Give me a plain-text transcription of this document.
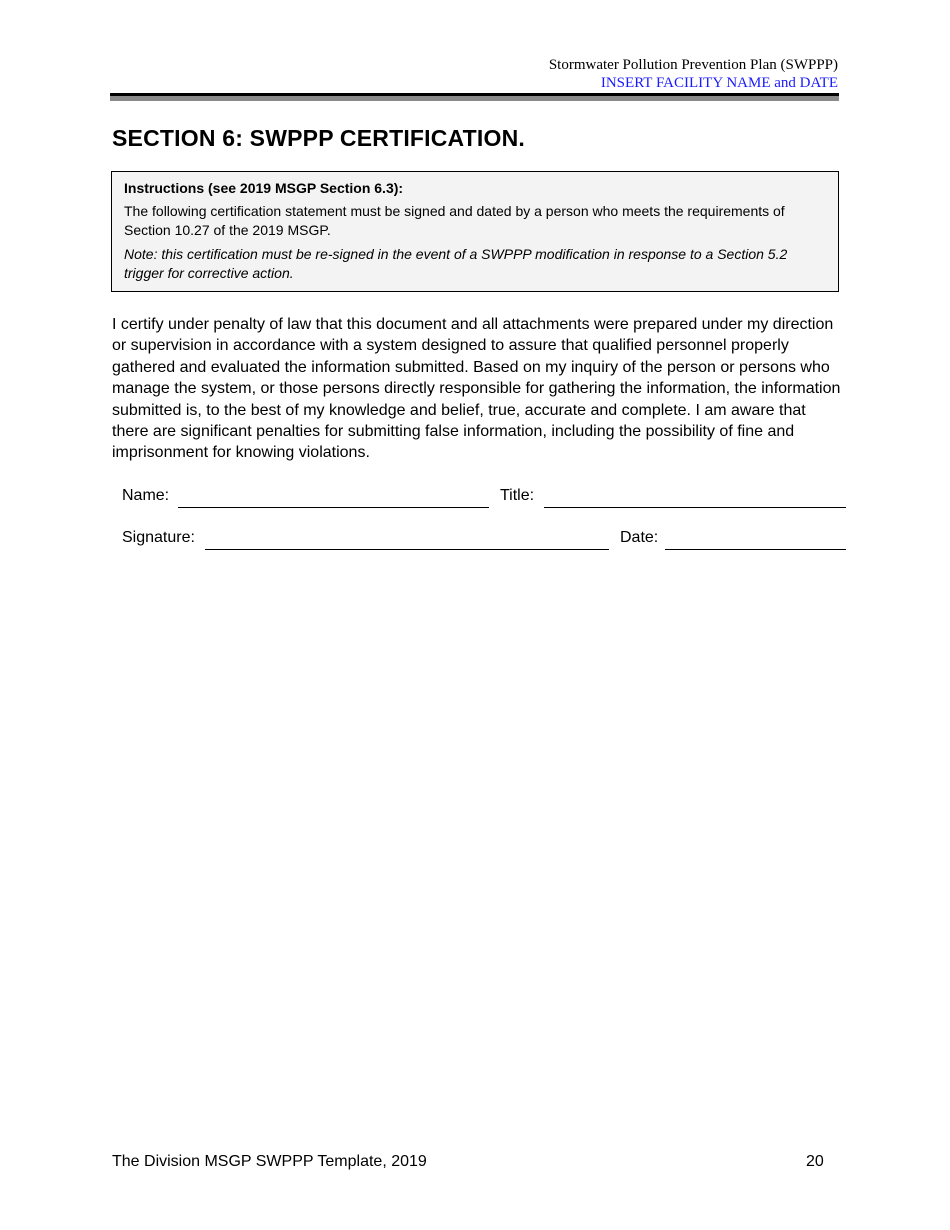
Stormwater Pollution Prevention Plan (SWPPP)
INSERT FACILITY NAME and DATE
SECTION 6: SWPPP CERTIFICATION.

Instructions (see 2019 MSGP Section 6.3):

The following certification statement must be signed and dated by a person who meets the requirements of Section 10.27 of the 2019 MSGP.

Note: this certification must be re-signed in the event of a SWPPP modification in response to a Section 5.2 trigger for corrective action.

I certify under penalty of law that this document and all attachments were prepared under my direction or supervision in accordance with a system designed to assure that qualified personnel properly gathered and evaluated the information submitted. Based on my inquiry of the person or persons who manage the system, or those persons directly responsible for gathering the information, the information submitted is, to the best of my knowledge and belief, true, accurate and complete. I am aware that there are significant penalties for submitting false information, including the possibility of fine and imprisonment for knowing violations.

Name:	Title:
Signature:	Date:
The Division MSGP SWPPP Template, 2019	20
